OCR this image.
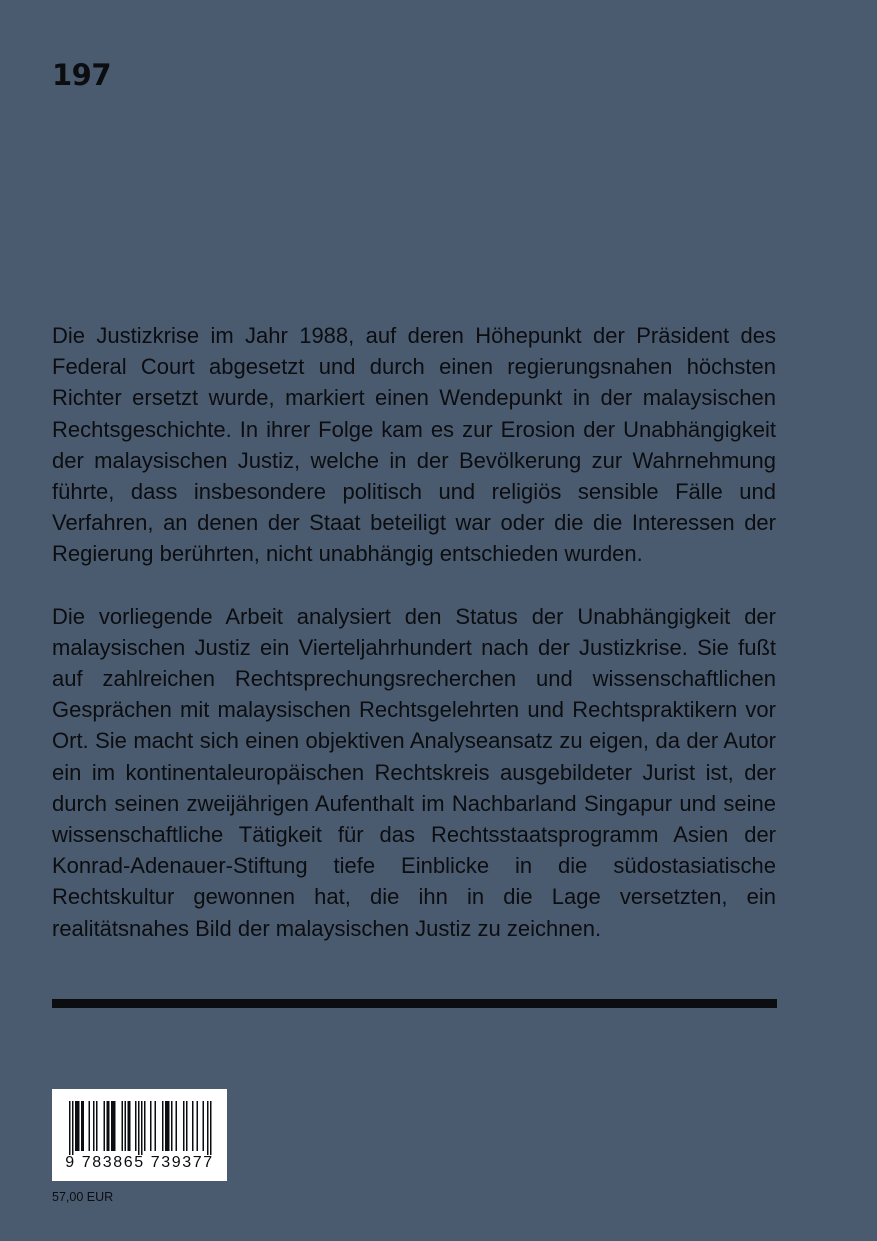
197

Die Justizkrise im Jahr 1988, auf deren Höhepunkt der Präsident des Federal Court abgesetzt und durch einen regierungsnahen höchsten Richter ersetzt wurde, markiert einen Wendepunkt in der malaysischen Rechtsgeschichte. In ihrer Folge kam es zur Erosion der Unabhängigkeit der malaysischen Justiz, welche in der Bevölkerung zur Wahrnehmung führte, dass insbesondere politisch und religiös sensible Fälle und Verfahren, an denen der Staat beteiligt war oder die die Interessen der Regierung berührten, nicht unabhängig entschieden wurden.

Die vorliegende Arbeit analysiert den Status der Unabhängigkeit der malaysischen Justiz ein Vierteljahrhundert nach der Justizkrise. Sie fußt auf zahlreichen Rechtsprechungsrecherchen und wissenschaftlichen Gesprächen mit malaysischen Rechtsgelehrten und Rechtspraktikern vor Ort. Sie macht sich einen objektiven Analyseansatz zu eigen, da der Autor ein im kontinentaleuropäischen Rechtskreis ausgebildeter Jurist ist, der durch seinen zweijährigen Aufenthalt im Nachbarland Singapur und seine wissenschaftliche Tätigkeit für das Rechtsstaatsprogramm Asien der Konrad-Adenauer-Stiftung tiefe Einblicke in die südostasiatische Rechtskultur gewonnen hat, die ihn in die Lage versetzten, ein realitätsnahes Bild der malaysischen Justiz zu zeichnen.

9 783865 739377
57,00 EUR
